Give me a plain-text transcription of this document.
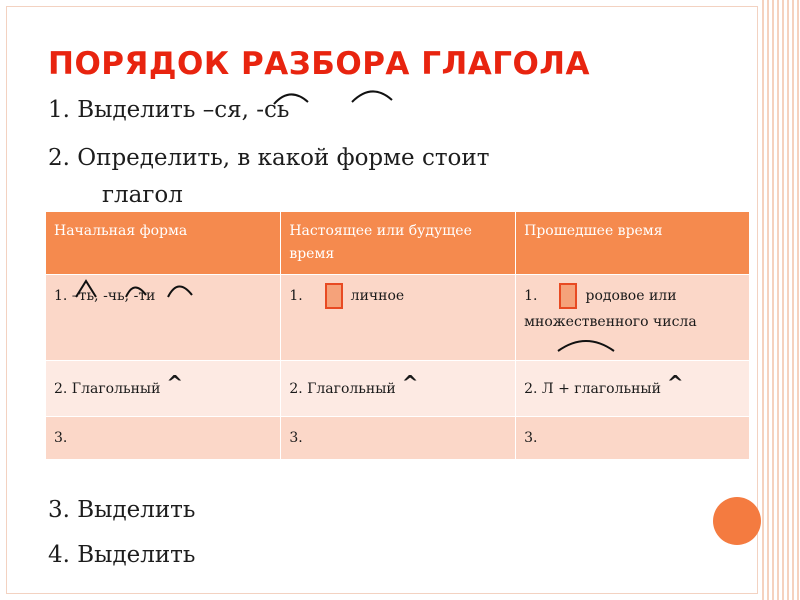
ПОРЯДОК РАЗБОРА ГЛАГОЛА
1. Выделить –ся, -сь
2. Определить, в какой форме стоит
глагол
Начальная форма	Настоящее или будущее время	Прошедшее время
1. –ть, -чь, -ти	1. личное	1. родовое или множественного числа

2. Глагольный ^	2. Глагольный ^	2. Л + глагольный ^
3.	3.	3.
3. Выделить
4. Выделить
